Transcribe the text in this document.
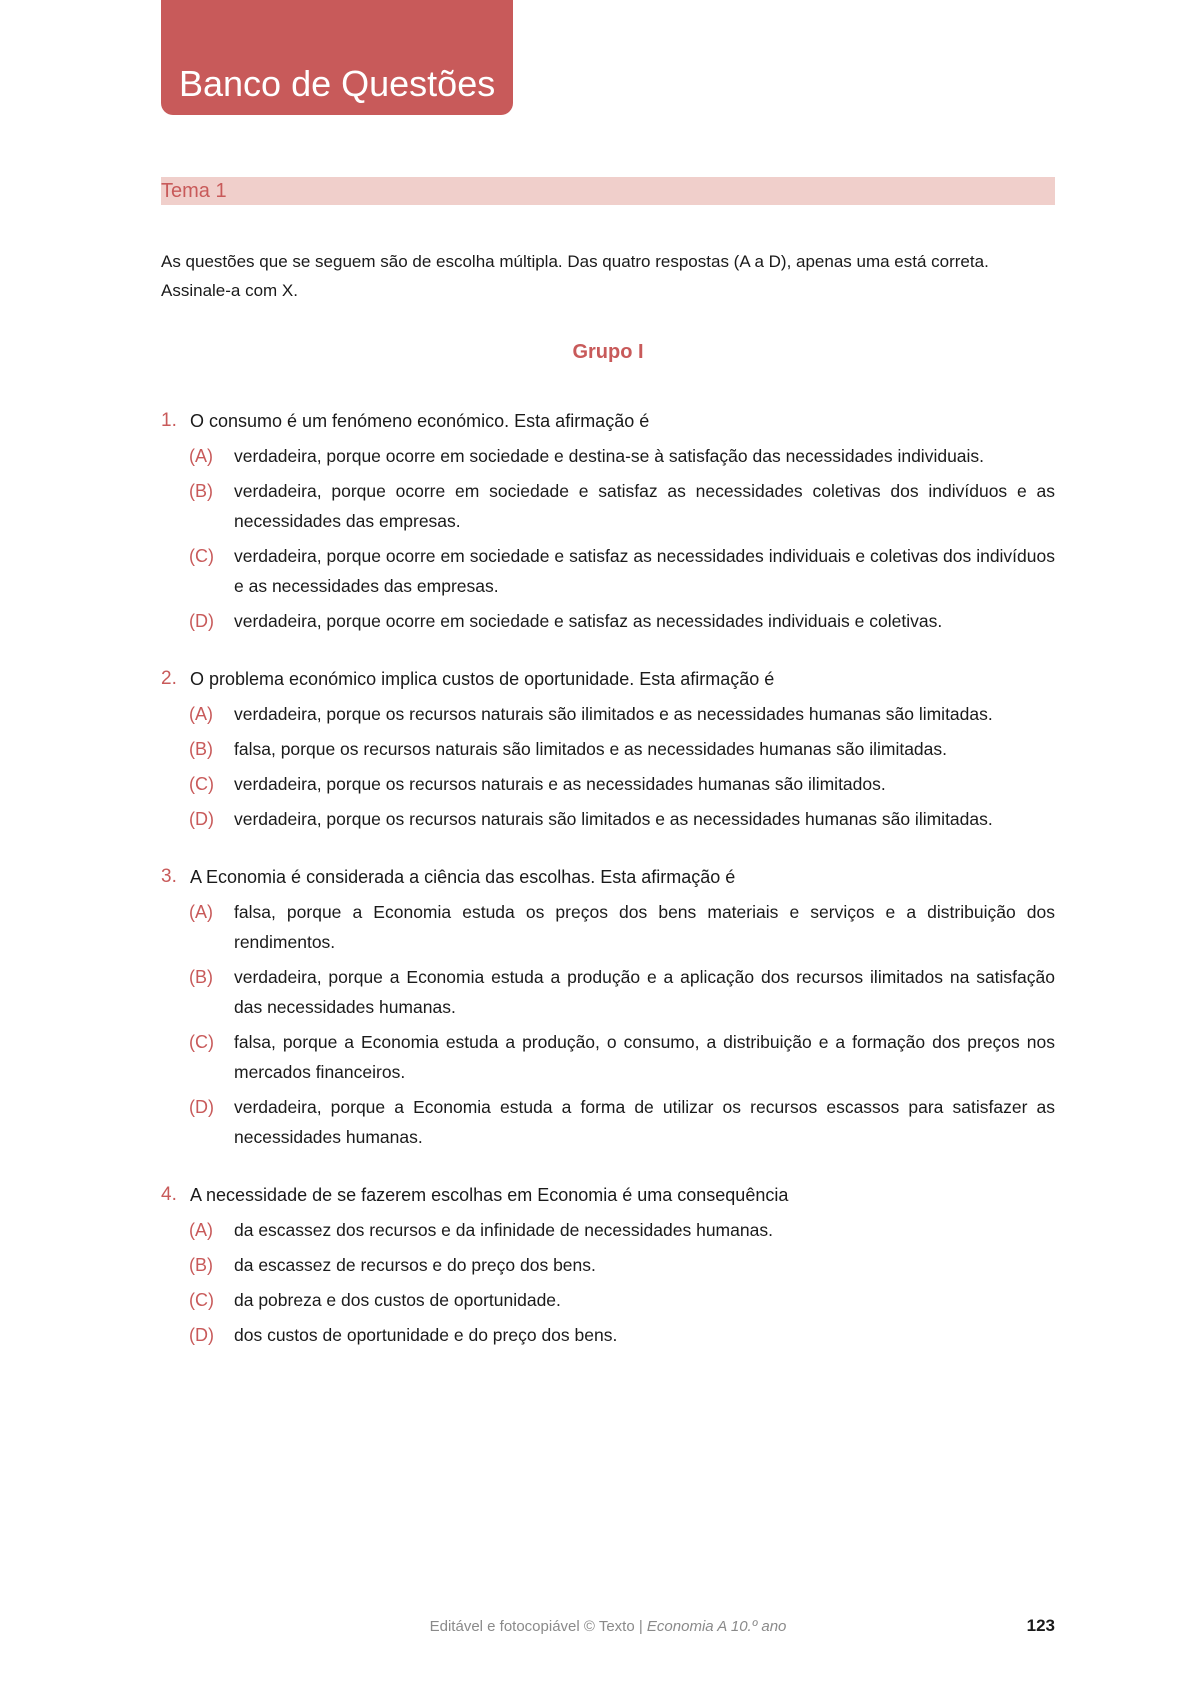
Banco de Questões
Tema 1
As questões que se seguem são de escolha múltipla. Das quatro respostas (A a D), apenas uma está correta. Assinale-a com X.
Grupo I
1. O consumo é um fenómeno económico. Esta afirmação é
(A) verdadeira, porque ocorre em sociedade e destina-se à satisfação das necessidades individuais.
(B) verdadeira, porque ocorre em sociedade e satisfaz as necessidades coletivas dos indivíduos e as necessidades das empresas.
(C) verdadeira, porque ocorre em sociedade e satisfaz as necessidades individuais e coletivas dos indivíduos e as necessidades das empresas.
(D) verdadeira, porque ocorre em sociedade e satisfaz as necessidades individuais e coletivas.
2. O problema económico implica custos de oportunidade. Esta afirmação é
(A) verdadeira, porque os recursos naturais são ilimitados e as necessidades humanas são limitadas.
(B) falsa, porque os recursos naturais são limitados e as necessidades humanas são ilimitadas.
(C) verdadeira, porque os recursos naturais e as necessidades humanas são ilimitados.
(D) verdadeira, porque os recursos naturais são limitados e as necessidades humanas são ilimitadas.
3. A Economia é considerada a ciência das escolhas. Esta afirmação é
(A) falsa, porque a Economia estuda os preços dos bens materiais e serviços e a distribuição dos rendimentos.
(B) verdadeira, porque a Economia estuda a produção e a aplicação dos recursos ilimitados na satisfação das necessidades humanas.
(C) falsa, porque a Economia estuda a produção, o consumo, a distribuição e a formação dos preços nos mercados financeiros.
(D) verdadeira, porque a Economia estuda a forma de utilizar os recursos escassos para satisfazer as necessidades humanas.
4. A necessidade de se fazerem escolhas em Economia é uma consequência
(A) da escassez dos recursos e da infinidade de necessidades humanas.
(B) da escassez de recursos e do preço dos bens.
(C) da pobreza e dos custos de oportunidade.
(D) dos custos de oportunidade e do preço dos bens.
Editável e fotocopiável © Texto | Economia A 10.º ano	123
